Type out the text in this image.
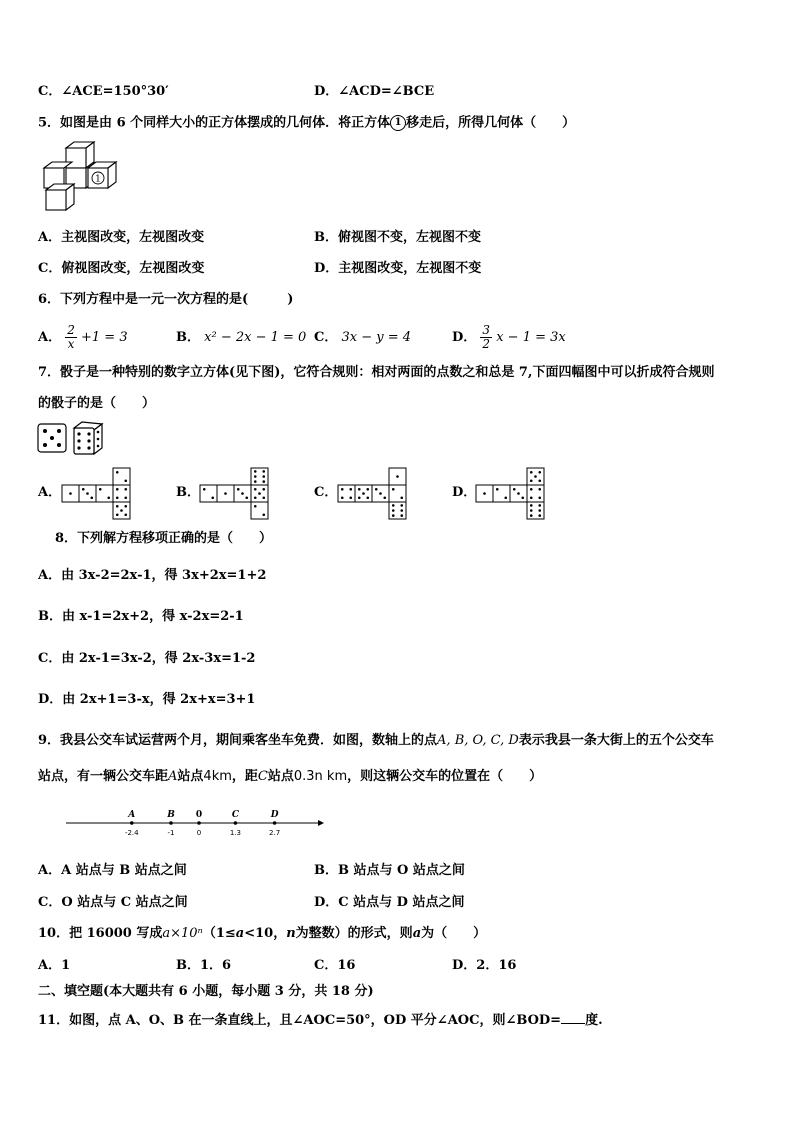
C．∠ACE=150°30′	D．∠ACD=∠BCE
5．如图是由 6 个同样大小的正方体摆成的几何体．将正方体 1 移走后，所得几何体（　　）
1
A．主视图改变，左视图改变	B．俯视图不变，左视图不变
C．俯视图改变，左视图改变	D．主视图改变，左视图不变
6．下列方程中是一元一次方程的是(　　　)
A． $\frac{2}{x} +1 = 3$	B． x² − 2x − 1 = 0 C． 3x − y = 4	D． $\frac{3}{2}$ x − 1 = 3x
7．骰子是一种特别的数字立方体(见下图)，它符合规则：相对两面的点数之和总是 7,下面四幅图中可以折成符合规则
的骰子的是（　　）
A．	B．	C．	D．
8．下列解方程移项正确的是（　　）
A．由 3x-2=2x-1，得 3x+2x=1+2
B．由 x-1=2x+2，得 x-2x=2-1
C．由 2x-1=3x-2，得 2x-3x=1-2
D．由 2x+1=3-x，得 2x+x=3+1
9．我县公交车试运营两个月，期间乘客坐车免费．如图，数轴上的点A, B, O, C, D表示我县一条大街上的五个公交车
站点，有一辆公交车距A站点4km，距C站点0.3n km，则这辆公交车的位置在（　　）
A
-2.4
B
-1
0
0
C
1.3
D
2.7
A．A 站点与 B 站点之间	B．B 站点与 O 站点之间
C．O 站点与 C 站点之间	D．C 站点与 D 站点之间
10．把 16000 写成a×10ⁿ（1≤a<10，n为整数）的形式，则a为（　　）
A．1	B．1．6	C．16	D．2．16
二、填空题(本大题共有 6 小题，每小题 3 分，共 18 分)
11．如图，点 A、O、B 在一条直线上，且∠AOC=50°，OD 平分∠AOC，则∠BOD= 度.
